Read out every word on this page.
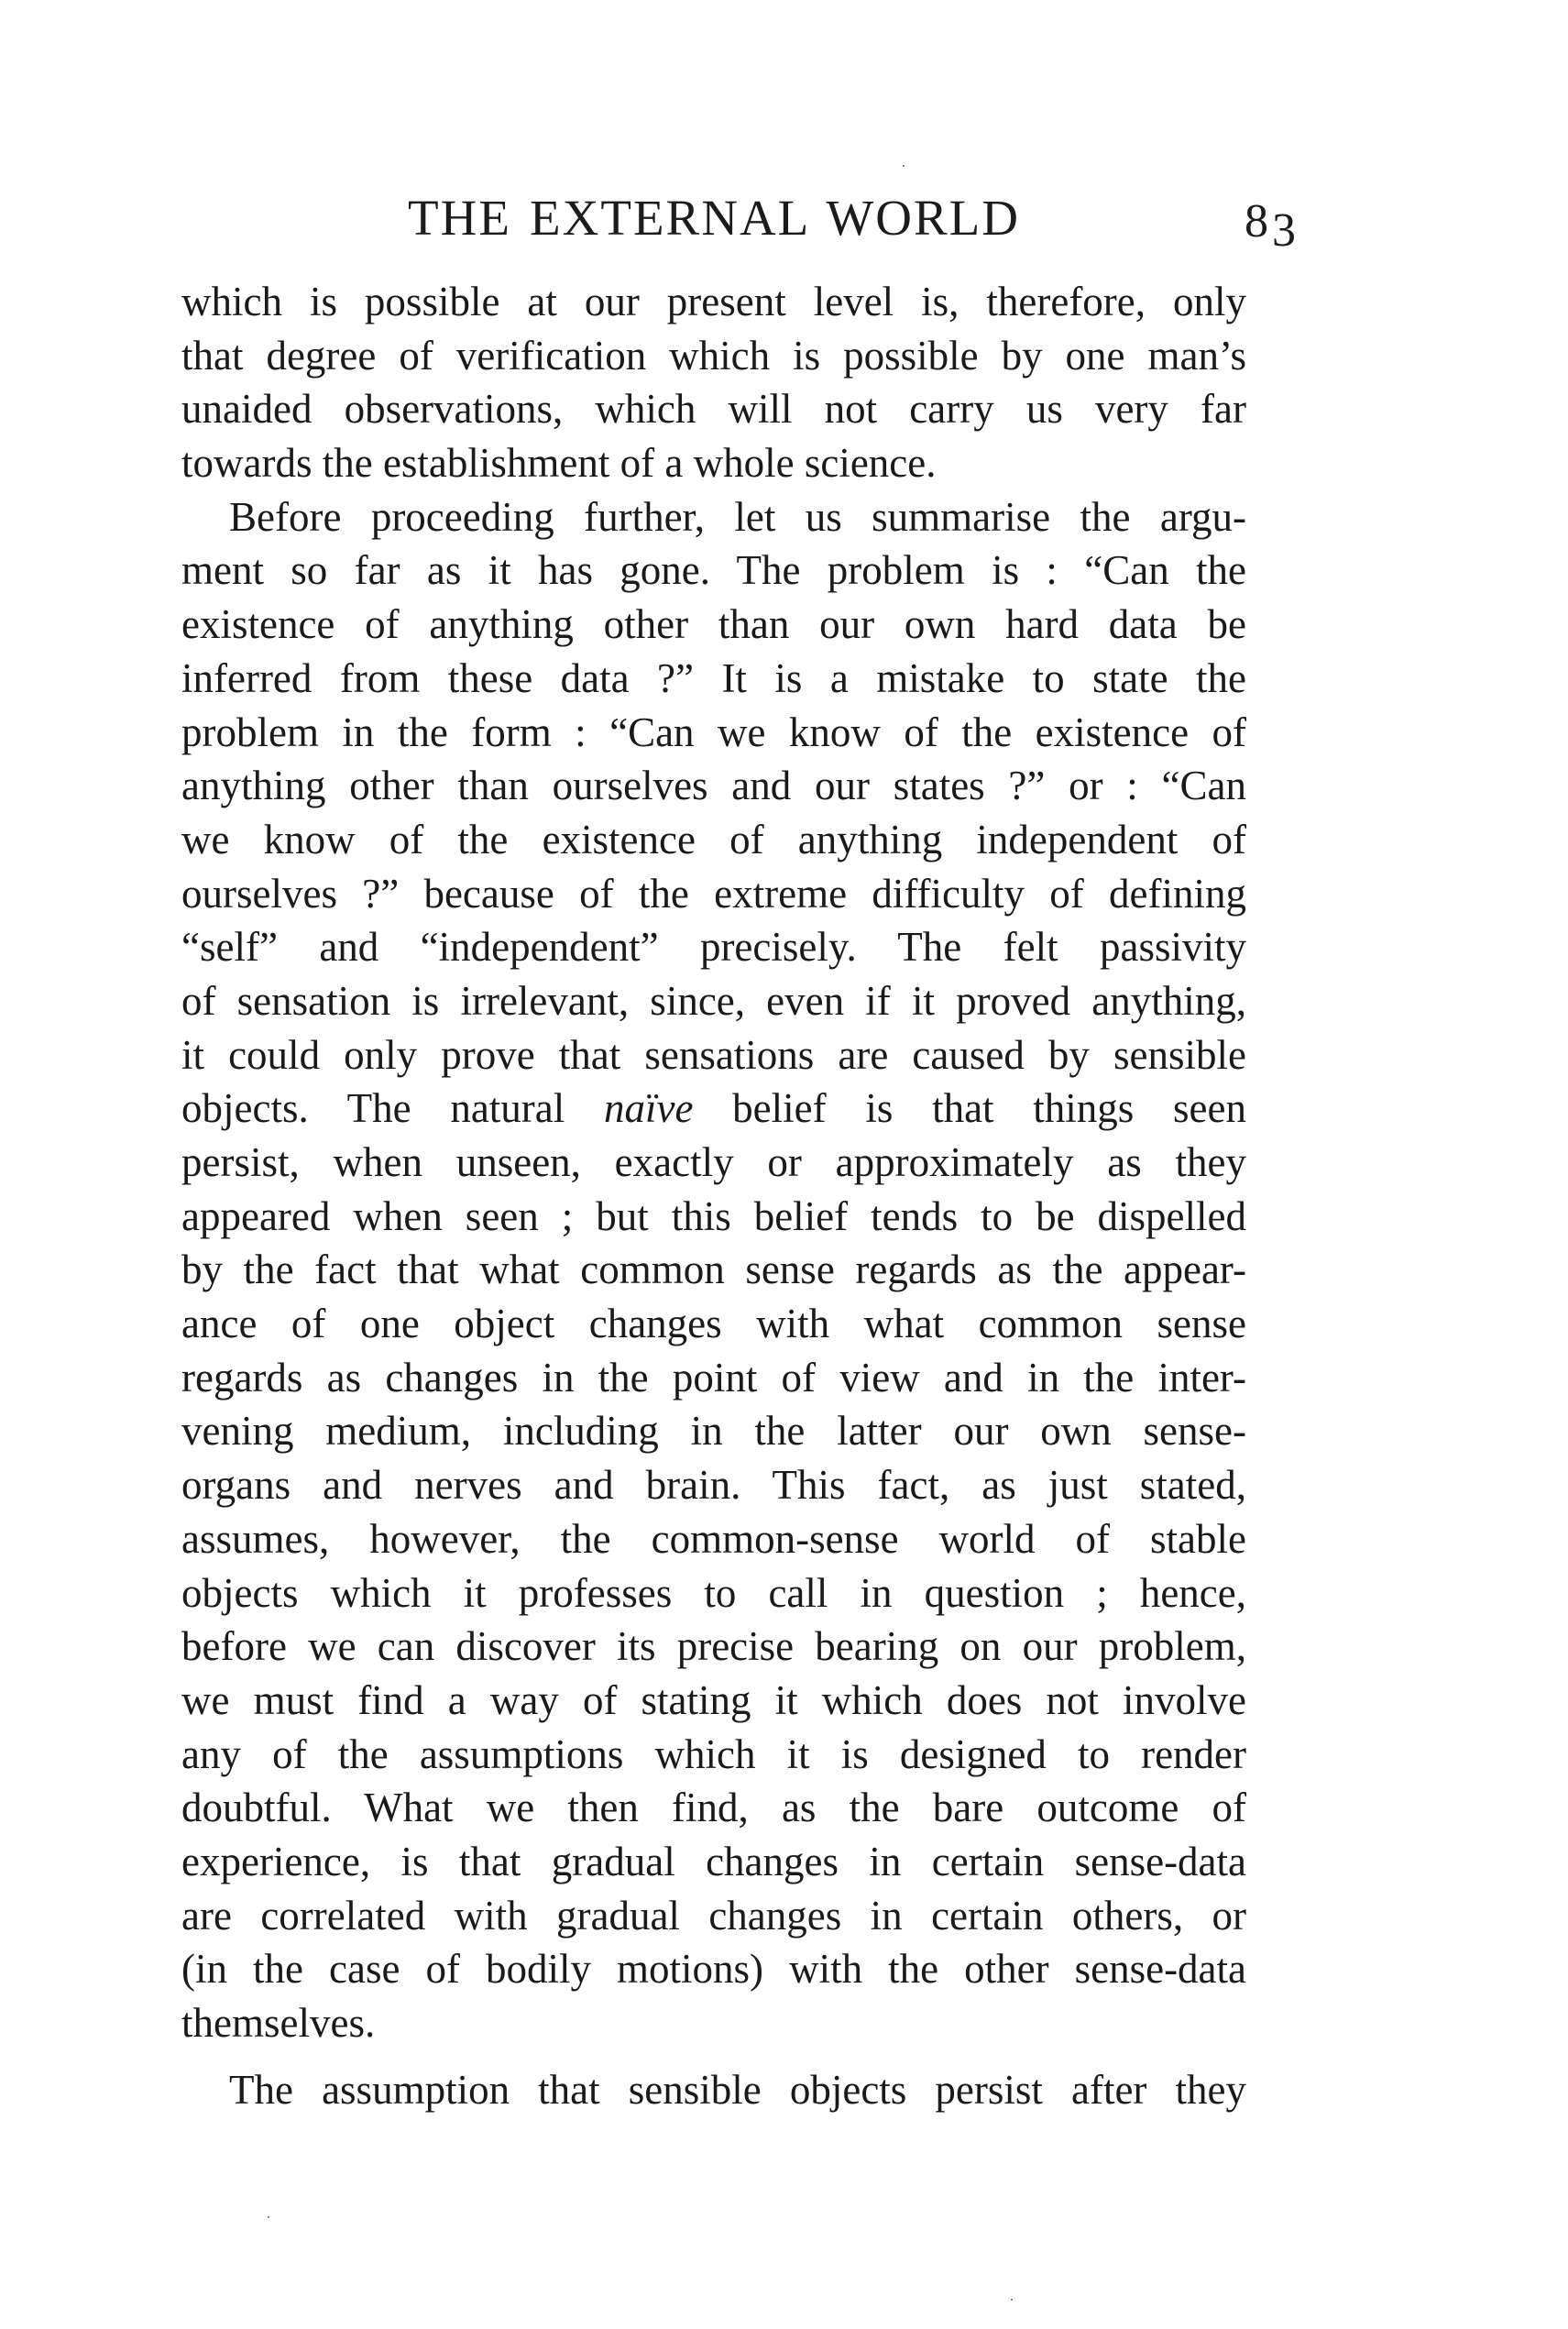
THE EXTERNAL WORLD	83
which is possible at our present level is, therefore, only
that degree of verification which is possible by one man’s
unaided observations, which will not carry us very far
towards the establishment of a whole science.
Before proceeding further, let us summarise the argu-
ment so far as it has gone. The problem is : “Can the
existence of anything other than our own hard data be
inferred from these data ?” It is a mistake to state the
problem in the form : “Can we know of the existence of
anything other than ourselves and our states ?” or : “Can
we know of the existence of anything independent of
ourselves ?” because of the extreme difficulty of defining
“self” and “independent” precisely. The felt passivity
of sensation is irrelevant, since, even if it proved anything,
it could only prove that sensations are caused by sensible
objects. The natural naïve belief is that things seen
persist, when unseen, exactly or approximately as they
appeared when seen ; but this belief tends to be dispelled
by the fact that what common sense regards as the appear-
ance of one object changes with what common sense
regards as changes in the point of view and in the inter-
vening medium, including in the latter our own sense-
organs and nerves and brain. This fact, as just stated,
assumes, however, the common-sense world of stable
objects which it professes to call in question ; hence,
before we can discover its precise bearing on our problem,
we must find a way of stating it which does not involve
any of the assumptions which it is designed to render
doubtful. What we then find, as the bare outcome of
experience, is that gradual changes in certain sense-data
are correlated with gradual changes in certain others, or
(in the case of bodily motions) with the other sense-data
themselves.
The assumption that sensible objects persist after they
